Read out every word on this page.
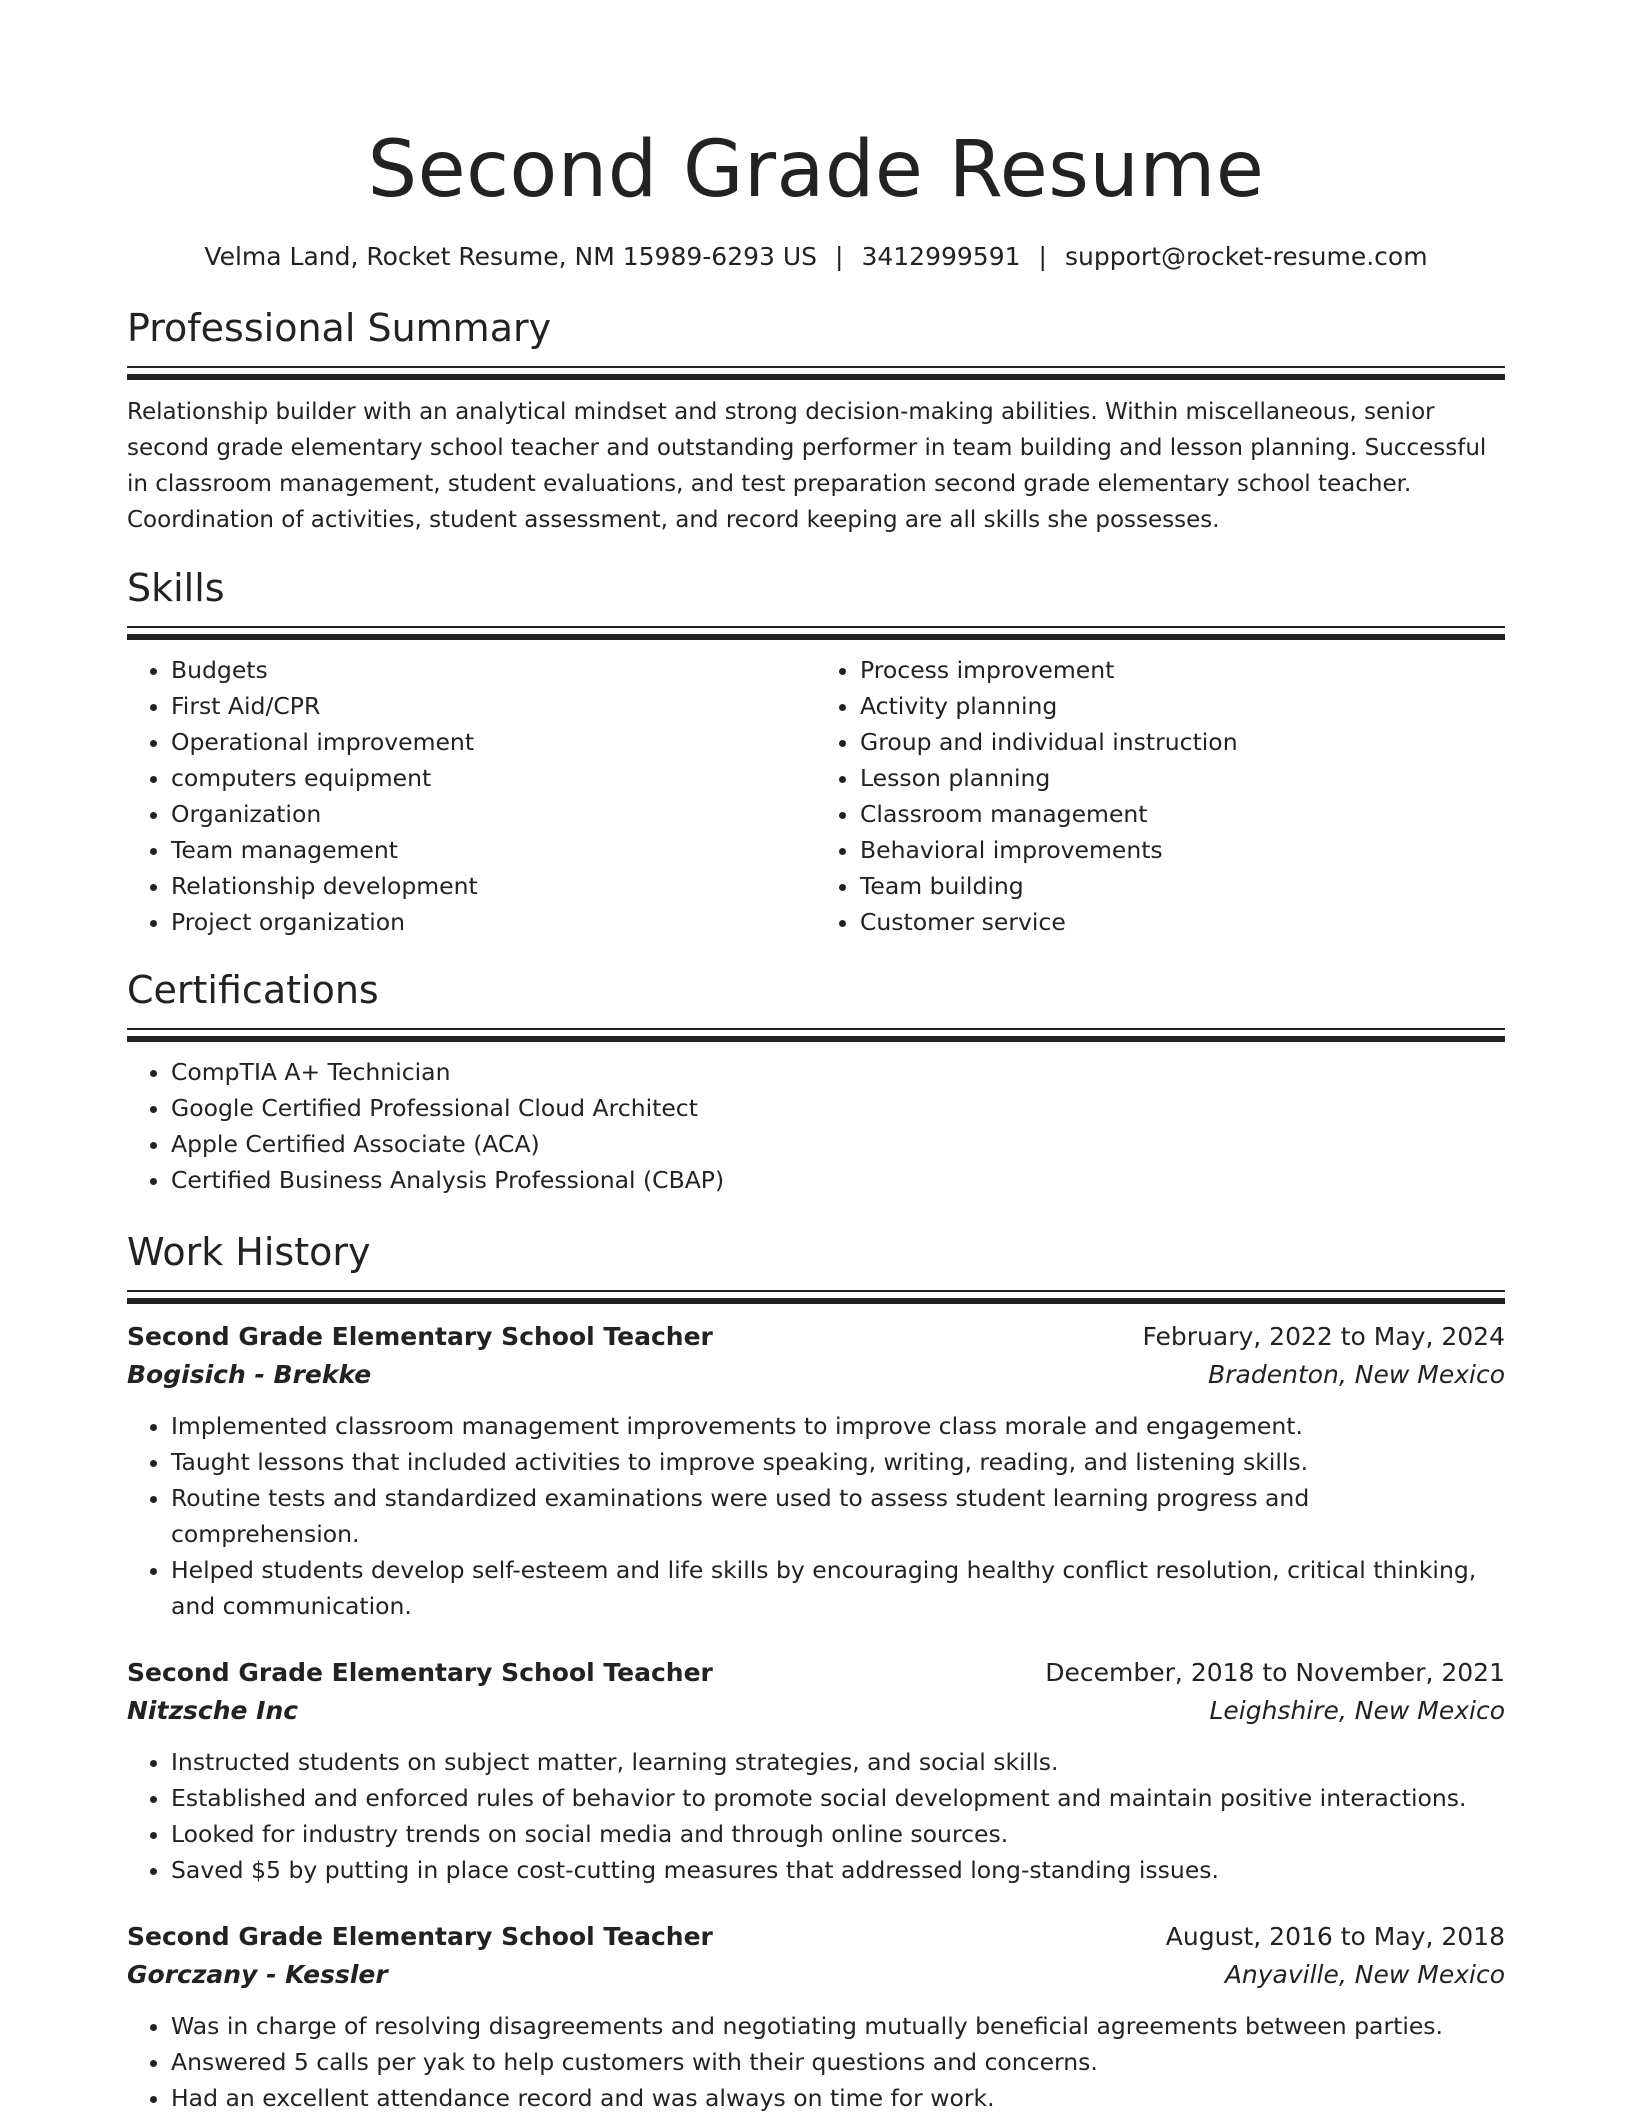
Second Grade Resume
Velma Land, Rocket Resume, NM 15989-6293 US | 3412999591 | support@rocket-resume.com
Professional Summary

Relationship builder with an analytical mindset and strong decision-making abilities. Within miscellaneous, senior second grade elementary school teacher and outstanding performer in team building and lesson planning. Successful in classroom management, student evaluations, and test preparation second grade elementary school teacher. Coordination of activities, student assessment, and record keeping are all skills she possesses.

Skills
• Budgets
• First Aid/CPR
• Operational improvement
• computers equipment
• Organization
• Team management
• Relationship development
• Project organization
• Process improvement
• Activity planning
• Group and individual instruction
• Lesson planning
• Classroom management
• Behavioral improvements
• Team building
• Customer service
Certifications
• CompTIA A+ Technician
• Google Certified Professional Cloud Architect
• Apple Certified Associate (ACA)
• Certified Business Analysis Professional (CBAP)
Work History
Second Grade Elementary School Teacher	February, 2022 to May, 2024
Bogisich - Brekke	Bradenton, New Mexico
• Implemented classroom management improvements to improve class morale and engagement.
• Taught lessons that included activities to improve speaking, writing, reading, and listening skills.
• Routine tests and standardized examinations were used to assess student learning progress and comprehension.
• Helped students develop self-esteem and life skills by encouraging healthy conflict resolution, critical thinking, and communication.
Second Grade Elementary School Teacher	December, 2018 to November, 2021
Nitzsche Inc	Leighshire, New Mexico
• Instructed students on subject matter, learning strategies, and social skills.
• Established and enforced rules of behavior to promote social development and maintain positive interactions.
• Looked for industry trends on social media and through online sources.
• Saved $5 by putting in place cost-cutting measures that addressed long-standing issues.
Second Grade Elementary School Teacher	August, 2016 to May, 2018
Gorczany - Kessler	Anyaville, New Mexico
• Was in charge of resolving disagreements and negotiating mutually beneficial agreements between parties.
• Answered 5 calls per yak to help customers with their questions and concerns.
• Had an excellent attendance record and was always on time for work.
